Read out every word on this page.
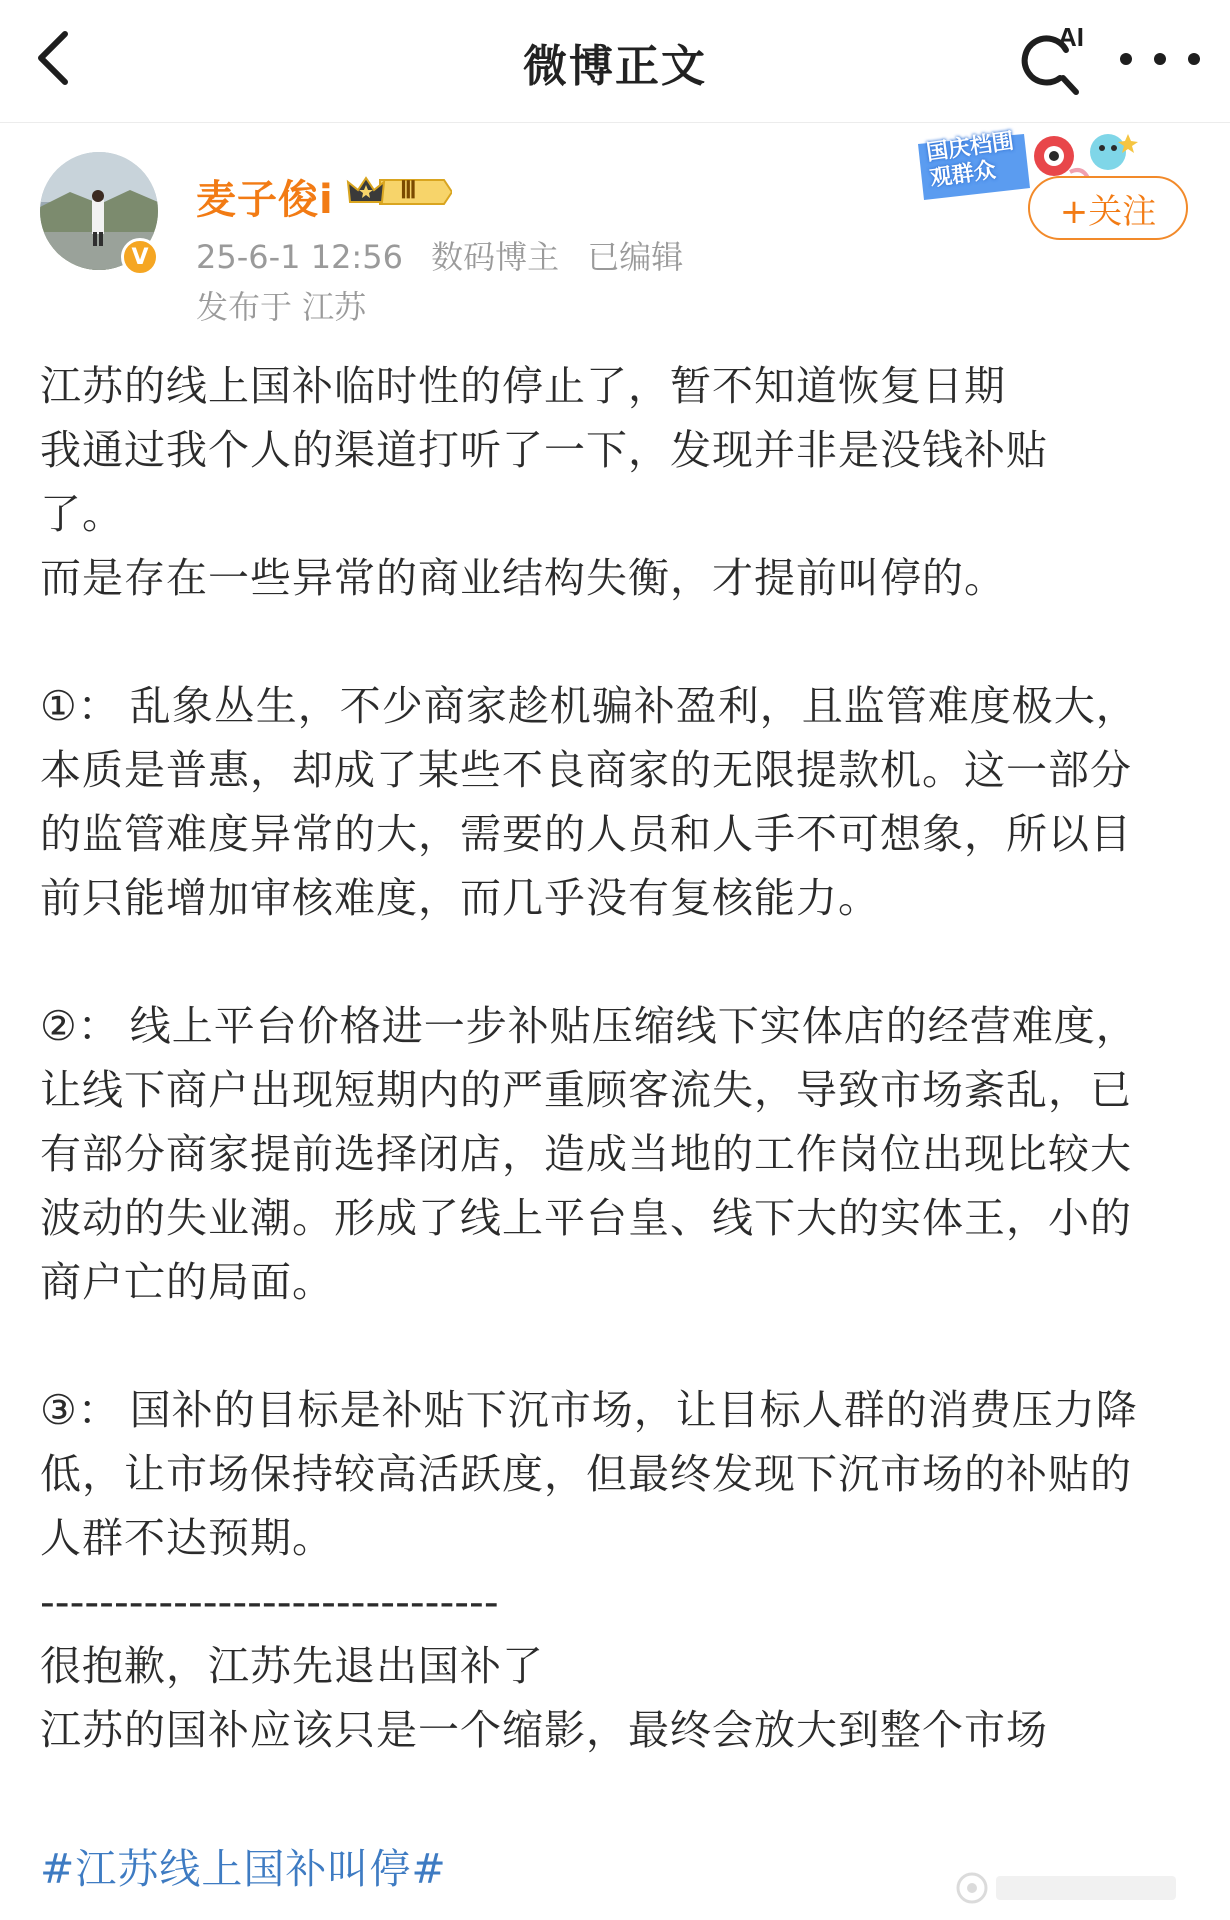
微博正文
AI
V
麦子俊i	Ⅲ
25-6-1 12:56 数码博主 已编辑
发布于 江苏
国庆档围观群众
+关注

江苏的线上国补临时性的停止了，暂不知道恢复日期

我通过我个人的渠道打听了一下，发现并非是没钱补贴了。

而是存在一些异常的商业结构失衡，才提前叫停的。

①： 乱象丛生，不少商家趁机骗补盈利，且监管难度极大，本质是普惠，却成了某些不良商家的无限提款机。这一部分的监管难度异常的大，需要的人员和人手不可想象，所以目前只能增加审核难度，而几乎没有复核能力。

②： 线上平台价格进一步补贴压缩线下实体店的经营难度，让线下商户出现短期内的严重顾客流失，导致市场紊乱，已有部分商家提前选择闭店，造成当地的工作岗位出现比较大波动的失业潮。形成了线上平台皇、线下大的实体王，小的商户亡的局面。

③： 国补的目标是补贴下沉市场，让目标人群的消费压力降低，让市场保持较高活跃度，但最终发现下沉市场的补贴的人群不达预期。

-------------------------------

很抱歉，江苏先退出国补了

江苏的国补应该只是一个缩影，最终会放大到整个市场

#江苏线上国补叫停#
